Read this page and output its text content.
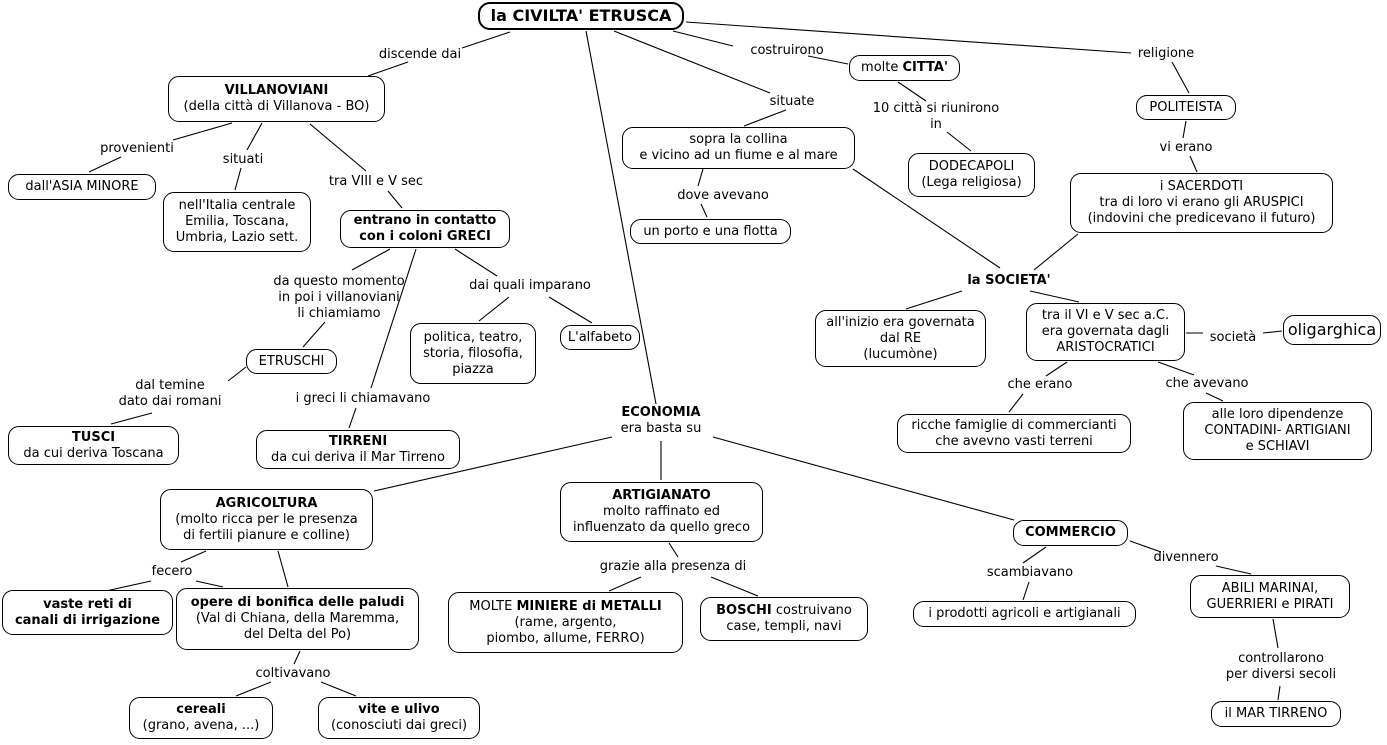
la CIVILTA' ETRUSCA
VILLANOVIANI
(della città di Villanova - BO)
dall'ASIA MINORE
nell'Italia centrale
Emilia, Toscana,
Umbria, Lazio sett.
entrano in contatto
con i coloni GRECI
ETRUSCHI
TUSCI
da cui deriva Toscana
TIRRENI
da cui deriva il Mar Tirreno
politica, teatro,
storia, filosofia,
piazza
L'alfabeto
sopra la collina
e vicino ad un fiume e al mare
un porto e una flotta
molte CITTA'
DODECAPOLI
(Lega religiosa)
POLITEISTA
i SACERDOTI
tra di loro vi erano gli ARUSPICI
(indovini che predicevano il futuro)
all'inizio era governata
dal RE
(lucumòne)
tra il VI e V sec a.C.
era governata dagli
ARISTOCRATICI
oligarghica
ricche famiglie di commercianti
che avevno vasti terreni
alle loro dipendenze
CONTADINI- ARTIGIANI
e SCHIAVI
AGRICOLTURA
(molto ricca per le presenza
di fertili pianure e colline)
vaste reti di
canali di irrigazione
opere di bonifica delle paludi
(Val di Chiana, della Maremma,
del Delta del Po)
cereali
(grano, avena, ...)
vite e ulivo
(conosciuti dai greci)
ARTIGIANATO
molto raffinato ed
influenzato da quello greco
MOLTE MINIERE di METALLI
(rame, argento,
piombo, allume, FERRO)
BOSCHI costruivano
case, templi, navi
COMMERCIO
i prodotti agricoli e artigianali
ABILI MARINAI,
GUERRIERI e PIRATI
il MAR TIRRENO
discende dai	costruirono
situate	10 città si riunirono
in
religione
vi erano
provenienti
situati
tra VIII e V sec
da questo momento
in poi i villanoviani
li chiamiamo
dai quali imparano
dal temine
dato dai romani	i greci li chiamavano
la SOCIETA'
che erano	che avevano
società
dove avevano
ECONOMIA
era basta su
fecero
coltivavano
grazie alla presenza di	scambiavano
divennero
controllarono
per diversi secoli
